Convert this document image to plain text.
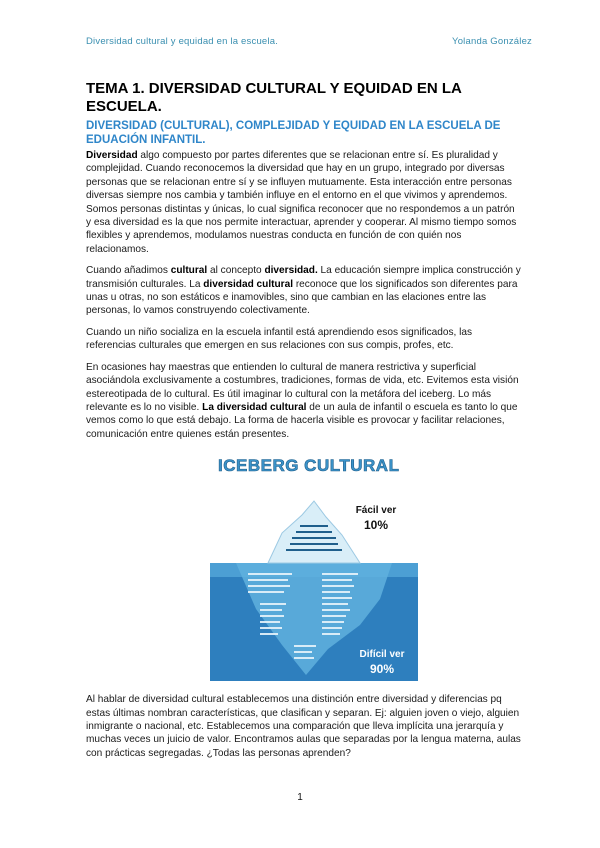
Diversidad cultural y equidad en la escuela.	Yolanda González
TEMA 1. DIVERSIDAD CULTURAL Y EQUIDAD EN LA ESCUELA.
DIVERSIDAD (CULTURAL), COMPLEJIDAD Y EQUIDAD EN LA ESCUELA DE EDUACIÓN INFANTIL.

Diversidad algo compuesto por partes diferentes que se relacionan entre sí. Es pluralidad y complejidad. Cuando reconocemos la diversidad que hay en un grupo, integrado por diversas personas que se relacionan entre sí y se influyen mutuamente. Esta interacción entre personas diversas siempre nos cambia y también influye en el entorno en el que vivimos y aprendemos. Somos personas distintas y únicas, lo cual significa reconocer que no respondemos a un patrón y esa diversidad es la que nos permite interactuar, aprender y cooperar. Al mismo tiempo somos flexibles y aprendemos, modulamos nuestras conducta en función de con quién nos relacionamos.

Cuando añadimos cultural al concepto diversidad. La educación siempre implica construcción y transmisión culturales. La diversidad cultural reconoce que los significados son diferentes para unas u otras, no son estáticos e inamovibles, sino que cambian en las elaciones entre las personas, lo vamos construyendo colectivamente.

Cuando un niño socializa en la escuela infantil está aprendiendo esos significados, las referencias culturales que emergen en sus relaciones con sus compis, profes, etc.

En ocasiones hay maestras que entienden lo cultural de manera restrictiva y superficial asociándola exclusivamente a costumbres, tradiciones, formas de vida, etc. Evitemos esta visión estereotipada de lo cultural. Es útil imaginar lo cultural con la metáfora del iceberg. Lo más relevante es lo no visible. La diversidad cultural de un aula de infantil o escuela es tanto lo que vemos como lo que está debajo. La forma de hacerla visible es provocar y facilitar relaciones, comunicación entre quienes están presentes.

ICEBERG CULTURAL
Fácil ver
10%
Difícil ver
90%

Al hablar de diversidad cultural establecemos una distinción entre diversidad y diferencias pq estas últimas nombran características, que clasifican y separan. Ej: alguien joven o viejo, alguien inmigrante o nacional, etc. Establecemos una comparación que lleva implícita una jerarquía y muchas veces un juicio de valor. Encontramos aulas que separadas por la lengua materna, aulas con prácticas segregadas. ¿Todas las personas aprenden?

1
